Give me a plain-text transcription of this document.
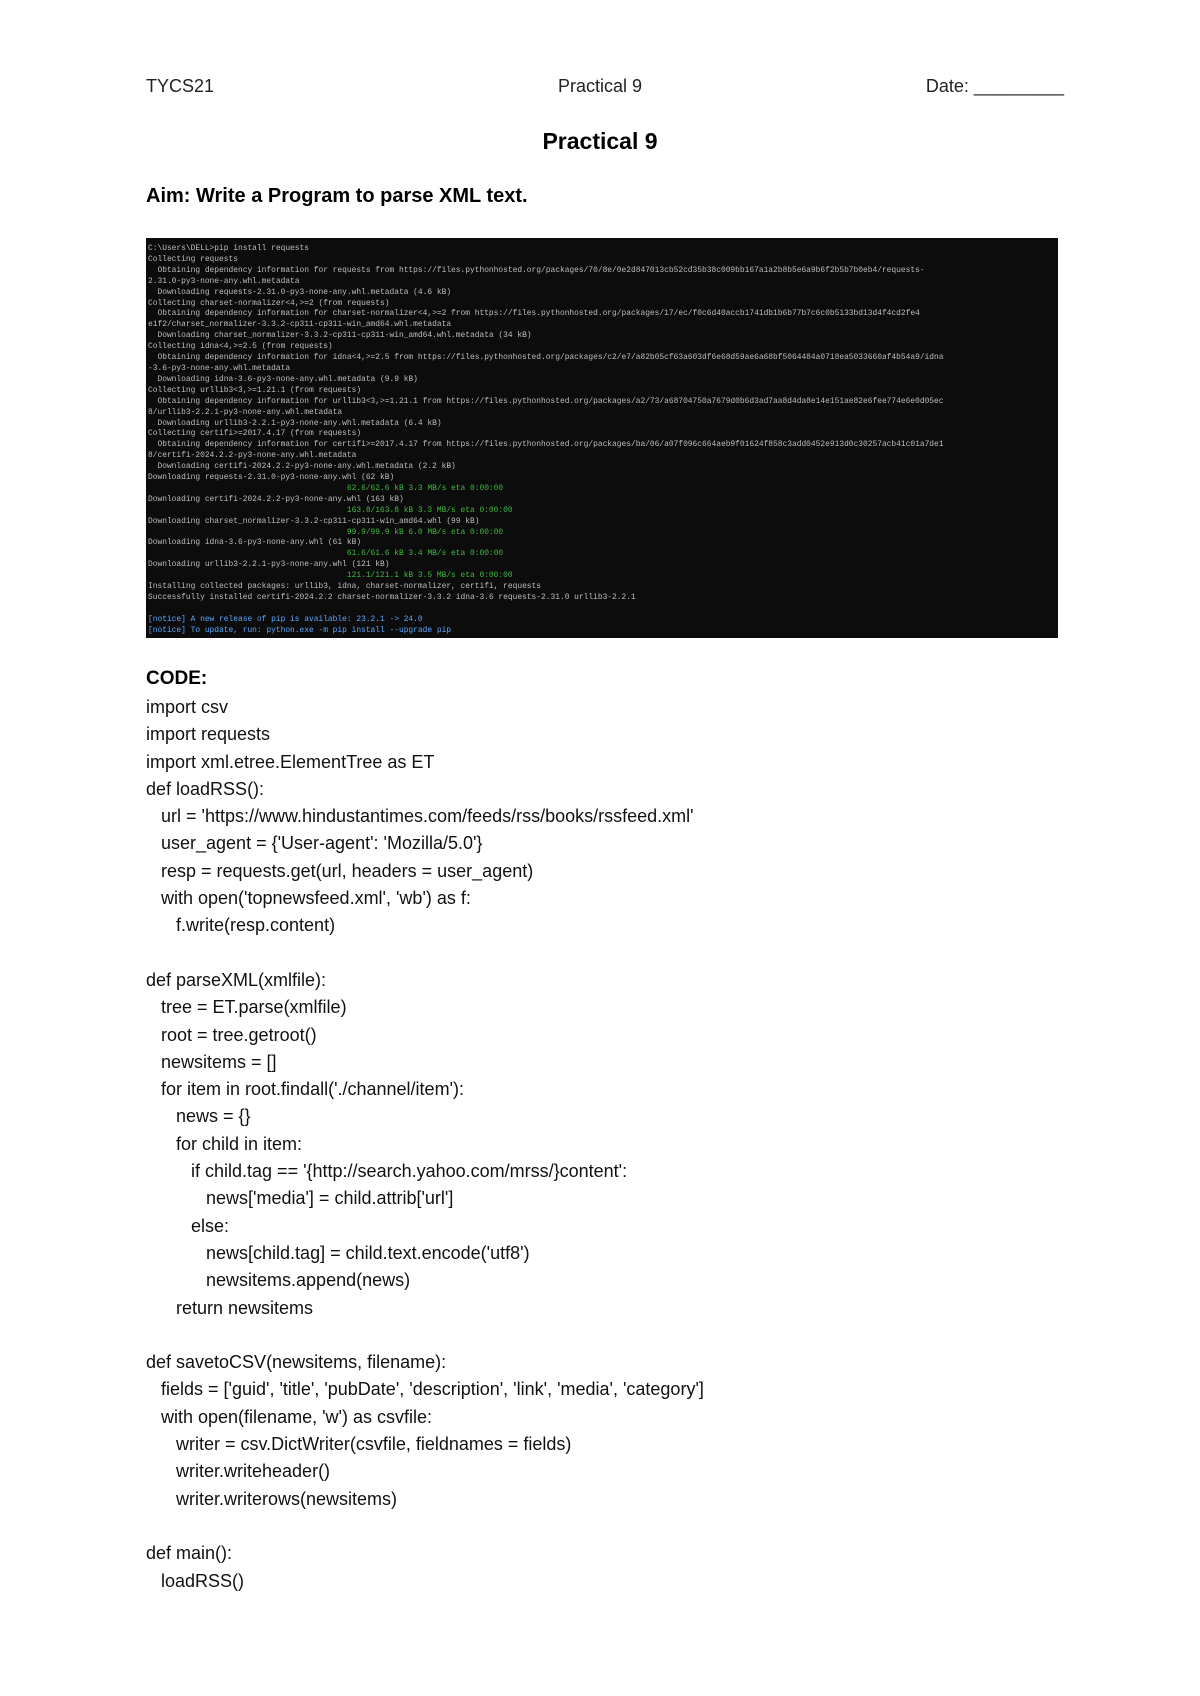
TYCS21	Practical 9	Date: _________
Practical 9
Aim: Write a Program to parse XML text.
C:\Users\DELL>pip install requests
Collecting requests
Obtaining dependency information for requests from https://files.pythonhosted.org/packages/70/8e/0e2d847013cb52cd35b38c009bb167a1a2b8b5e6a9b6f2b5b7b0eb4/requests-
2.31.0-py3-none-any.whl.metadata
Downloading requests-2.31.0-py3-none-any.whl.metadata (4.6 kB)
Collecting charset-normalizer<4,>=2 (from requests)
Obtaining dependency information for charset-normalizer<4,>=2 from https://files.pythonhosted.org/packages/17/ec/f0c6d40accb1741db1b6b77b7c6c0b5133bd13d4f4cd2fe4
e1f2/charset_normalizer-3.3.2-cp311-cp311-win_amd64.whl.metadata
Downloading charset_normalizer-3.3.2-cp311-cp311-win_amd64.whl.metadata (34 kB)
Collecting idna<4,>=2.5 (from requests)
Obtaining dependency information for idna<4,>=2.5 from https://files.pythonhosted.org/packages/c2/e7/a82b05cf63a603df6e68d59ae6a68bf5064484a0718ea5033660af4b54a9/idna
-3.6-py3-none-any.whl.metadata
Downloading idna-3.6-py3-none-any.whl.metadata (9.9 kB)
Collecting urllib3<3,>=1.21.1 (from requests)
Obtaining dependency information for urllib3<3,>=1.21.1 from https://files.pythonhosted.org/packages/a2/73/a68704750a7679d0b6d3ad7aa8d4da8e14e151ae82e6fee774e6e0d05ec
8/urllib3-2.2.1-py3-none-any.whl.metadata
Downloading urllib3-2.2.1-py3-none-any.whl.metadata (6.4 kB)
Collecting certifi>=2017.4.17 (from requests)
Obtaining dependency information for certifi>=2017.4.17 from https://files.pythonhosted.org/packages/ba/06/a07f096c664aeb9f01624f858c3add0452e913d0c30257acb41c01a7de1
8/certifi-2024.2.2-py3-none-any.whl.metadata
Downloading certifi-2024.2.2-py3-none-any.whl.metadata (2.2 kB)
Downloading requests-2.31.0-py3-none-any.whl (62 kB)
62.6/62.6 kB 3.3 MB/s eta 0:00:00
Downloading certifi-2024.2.2-py3-none-any.whl (163 kB)
163.8/163.8 kB 3.3 MB/s eta 0:00:00
Downloading charset_normalizer-3.3.2-cp311-cp311-win_amd64.whl (99 kB)
99.9/99.9 kB 6.0 MB/s eta 0:00:00
Downloading idna-3.6-py3-none-any.whl (61 kB)
61.6/61.6 kB 3.4 MB/s eta 0:00:00
Downloading urllib3-2.2.1-py3-none-any.whl (121 kB)
121.1/121.1 kB 3.5 MB/s eta 0:00:00
Installing collected packages: urllib3, idna, charset-normalizer, certifi, requests
Successfully installed certifi-2024.2.2 charset-normalizer-3.3.2 idna-3.6 requests-2.31.0 urllib3-2.2.1

[notice] A new release of pip is available: 23.2.1 -> 24.0
[notice] To update, run: python.exe -m pip install --upgrade pip
CODE:
import csv
import requests
import xml.etree.ElementTree as ET
def loadRSS():
url = 'https://www.hindustantimes.com/feeds/rss/books/rssfeed.xml'
user_agent = {'User-agent': 'Mozilla/5.0'}
resp = requests.get(url, headers = user_agent)
with open('topnewsfeed.xml', 'wb') as f:
f.write(resp.content)
def parseXML(xmlfile):
tree = ET.parse(xmlfile)
root = tree.getroot()
newsitems = []
for item in root.findall('./channel/item'):
news = {}
for child in item:
if child.tag == '{http://search.yahoo.com/mrss/}content':
news['media'] = child.attrib['url']
else:
news[child.tag] = child.text.encode('utf8')
newsitems.append(news)
return newsitems
def savetoCSV(newsitems, filename):
fields = ['guid', 'title', 'pubDate', 'description', 'link', 'media', 'category']
with open(filename, 'w') as csvfile:
writer = csv.DictWriter(csvfile, fieldnames = fields)
writer.writeheader()
writer.writerows(newsitems)
def main():
loadRSS()
